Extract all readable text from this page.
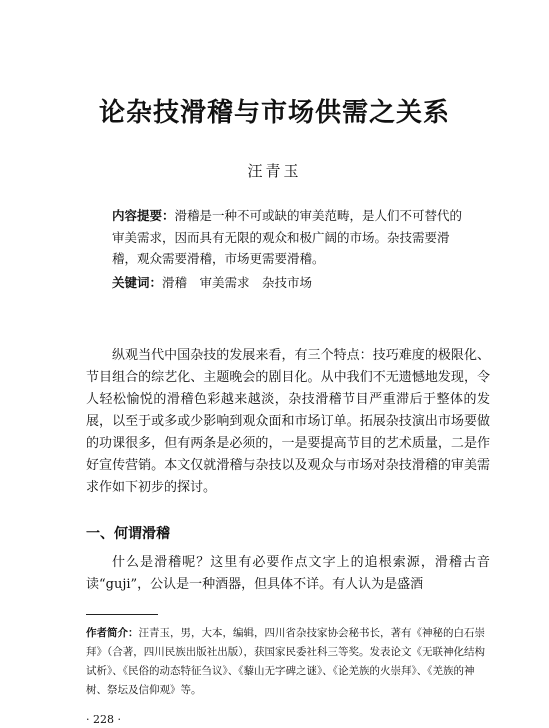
论杂技滑稽与市场供需之关系
汪青玉
内容提要：滑稽是一种不可或缺的审美范畴，是人们不可替代的审美需求，因而具有无限的观众和极广阔的市场。杂技需要滑稽，观众需要滑稽，市场更需要滑稽。
关键词：滑稽　审美需求　杂技市场

纵观当代中国杂技的发展来看，有三个特点：技巧难度的极限化、节目组合的综艺化、主题晚会的剧目化。从中我们不无遗憾地发现，令人轻松愉悦的滑稽色彩越来越淡，杂技滑稽节目严重滞后于整体的发展，以至于或多或少影响到观众面和市场订单。拓展杂技演出市场要做的功课很多，但有两条是必须的，一是要提高节目的艺术质量，二是作好宣传营销。本文仅就滑稽与杂技以及观众与市场对杂技滑稽的审美需求作如下初步的探讨。

一、何谓滑稽

什么是滑稽呢？这里有必要作点文字上的追根索源，滑稽古音读“guji”，公认是一种酒器，但具体不详。有人认为是盛酒

作者简介：汪青玉，男，大本，编辑，四川省杂技家协会秘书长，著有《神秘的白石崇拜》（合著，四川民族出版社出版），获国家民委社科三等奖。发表论文《无联神化结构试析》、《民俗的动态特征刍议》、《藜山无字碑之谜》、《论羌族的火崇拜》、《羌族的神树、祭坛及信仰观》等。

· 228 ·
